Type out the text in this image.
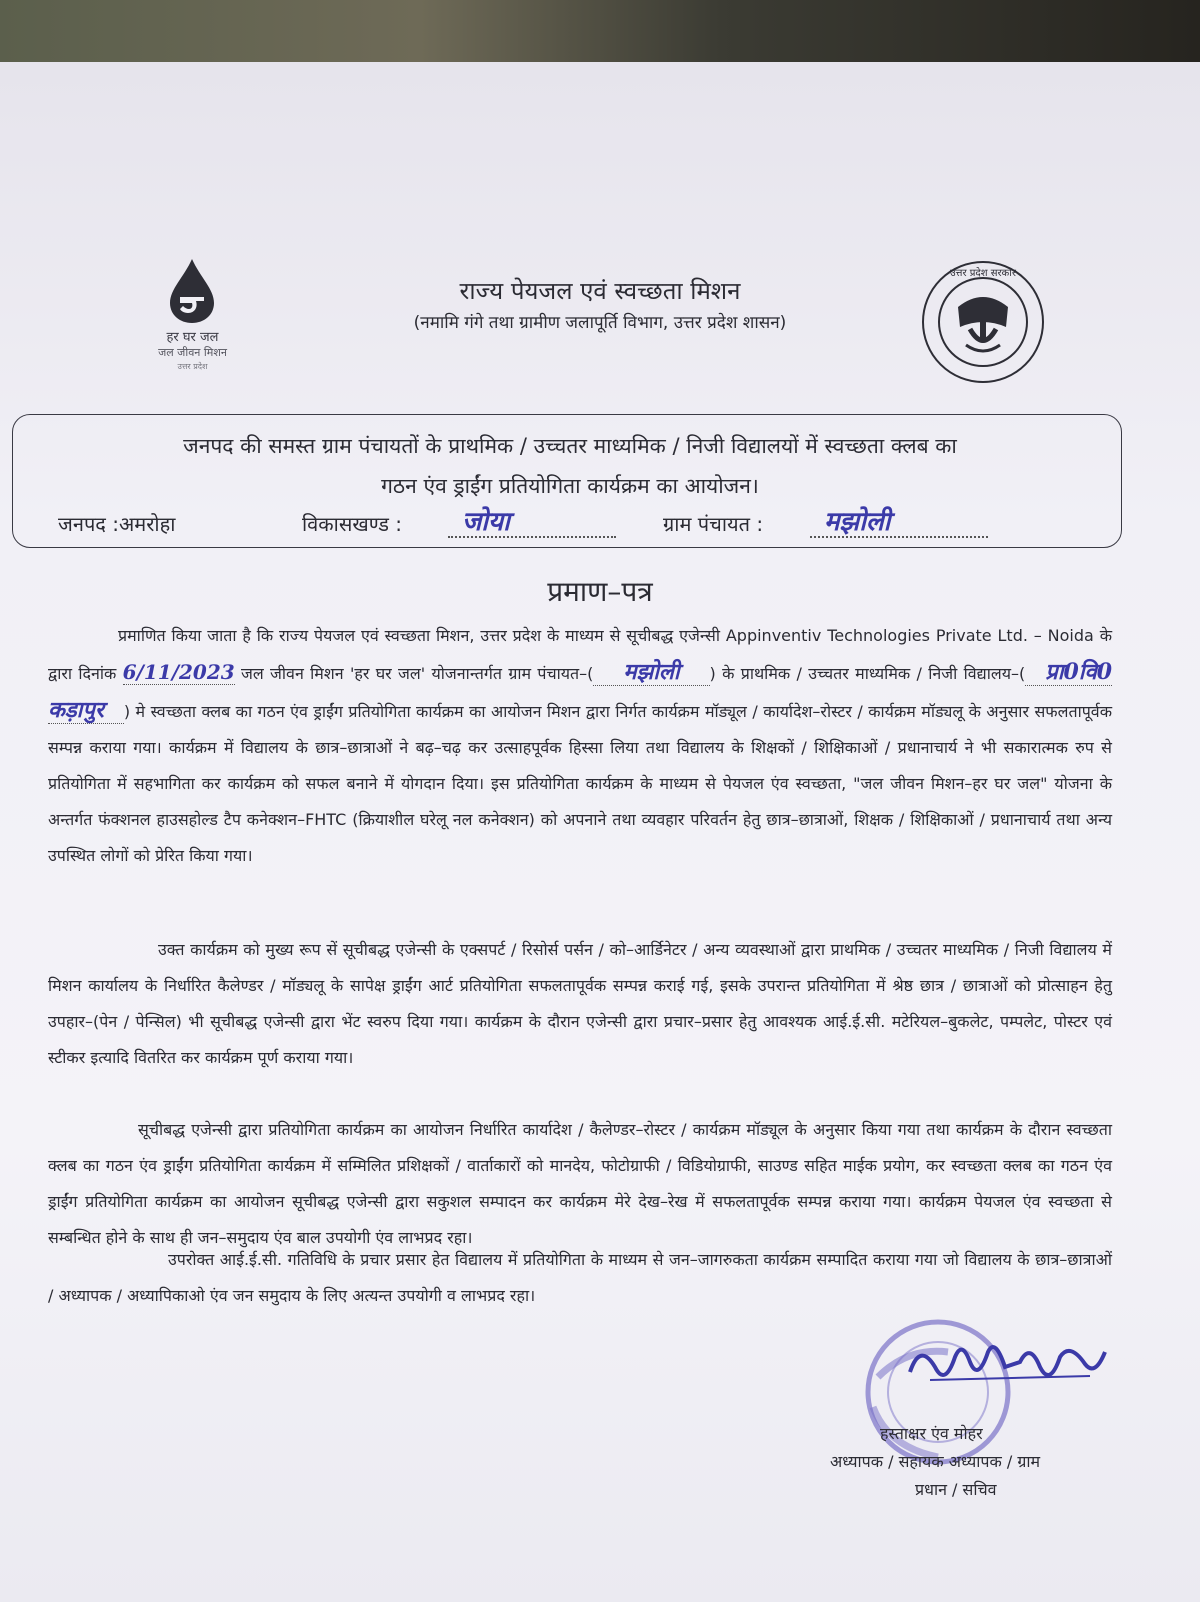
हर घर जल
जल जीवन मिशन
उत्तर प्रदेश
राज्य पेयजल एवं स्वच्छता मिशन
(नमामि गंगे तथा ग्रामीण जलापूर्ति विभाग, उत्तर प्रदेश शासन)
उत्तर प्रदेश सरकार
जनपद की समस्त ग्राम पंचायतों के प्राथमिक / उच्चतर माध्यमिक / निजी विद्यालयों में स्वच्छता क्लब का
गठन एंव ड्राईंग प्रतियोगिता कार्यक्रम का आयोजन।
जनपद :अमरोहा	विकासखण्ड :	जोया	ग्राम पंचायत :	मझोली
प्रमाण–पत्र
प्रमाणित किया जाता है कि राज्य पेयजल एवं स्वच्छता मिशन, उत्तर प्रदेश के माध्यम से सूचीबद्ध एजेन्सी Appinventiv Technologies Private Ltd. – Noida के द्वारा दिनांक 6/11/2023 जल जीवन मिशन 'हर घर जल' योजनान्तर्गत ग्राम पंचायत–( मझोली ) के प्राथमिक / उच्चतर माध्यमिक / निजी विद्यालय–( प्रा0वि0 कड़ापुर ) मे स्वच्छता क्लब का गठन एंव ड्राईंग प्रतियोगिता कार्यक्रम का आयोजन मिशन द्वारा निर्गत कार्यक्रम मॉड्यूल / कार्यादेश–रोस्टर / कार्यक्रम मॉड्यलू के अनुसार सफलतापूर्वक सम्पन्न कराया गया। कार्यक्रम में विद्यालय के छात्र–छात्राओं ने बढ़–चढ़ कर उत्साहपूर्वक हिस्सा लिया तथा विद्यालय के शिक्षकों / शिक्षिकाओं / प्रधानाचार्य ने भी सकारात्मक रुप से प्रतियोगिता में सहभागिता कर कार्यक्रम को सफल बनाने में योगदान दिया। इस प्रतियोगिता कार्यक्रम के माध्यम से पेयजल एंव स्वच्छता, "जल जीवन मिशन–हर घर जल" योजना के अन्तर्गत फंक्शनल हाउसहोल्ड टैप कनेक्शन–FHTC (क्रियाशील घरेलू नल कनेक्शन) को अपनाने तथा व्यवहार परिवर्तन हेतु छात्र–छात्राओं, शिक्षक / शिक्षिकाओं / प्रधानाचार्य तथा अन्य उपस्थित लोगों को प्रेरित किया गया।
उक्त कार्यक्रम को मुख्य रूप सें सूचीबद्ध एजेन्सी के एक्सपर्ट / रिसोर्स पर्सन / को–आर्डिनेटर / अन्य व्यवस्थाओं द्वारा प्राथमिक / उच्चतर माध्यमिक / निजी विद्यालय में मिशन कार्यालय के निर्धारित कैलेण्डर / मॉड्यलू के सापेक्ष ड्राईंग आर्ट प्रतियोगिता सफलतापूर्वक सम्पन्न कराई गई, इसके उपरान्त प्रतियोगिता में श्रेष्ठ छात्र / छात्राओं को प्रोत्साहन हेतु उपहार–(पेन / पेन्सिल) भी सूचीबद्ध एजेन्सी द्वारा भेंट स्वरुप दिया गया। कार्यक्रम के दौरान एजेन्सी द्वारा प्रचार–प्रसार हेतु आवश्यक आई.ई.सी. मटेरियल–बुकलेट, पम्पलेट, पोस्टर एवं स्टीकर इत्यादि वितरित कर कार्यक्रम पूर्ण कराया गया।
सूचीबद्ध एजेन्सी द्वारा प्रतियोगिता कार्यक्रम का आयोजन निर्धारित कार्यादेश / कैलेण्डर–रोस्टर / कार्यक्रम मॉड्यूल के अनुसार किया गया तथा कार्यक्रम के दौरान स्वच्छता क्लब का गठन एंव ड्राईंग प्रतियोगिता कार्यक्रम में सम्मिलित प्रशिक्षकों / वार्ताकारों को मानदेय, फोटोग्राफी / विडियोग्राफी, साउण्ड सहित माईक प्रयोग, कर स्वच्छता क्लब का गठन एंव ड्राईंग प्रतियोगिता कार्यक्रम का आयोजन सूचीबद्ध एजेन्सी द्वारा सकुशल सम्पादन कर कार्यक्रम मेरे देख–रेख में सफलतापूर्वक सम्पन्न कराया गया। कार्यक्रम पेयजल एंव स्वच्छता से सम्बन्धित होने के साथ ही जन–समुदाय एंव बाल उपयोगी एंव लाभप्रद रहा।
उपरोक्त आई.ई.सी. गतिविधि के प्रचार प्रसार हेत विद्यालय में प्रतियोगिता के माध्यम से जन–जागरुकता कार्यक्रम सम्पादित कराया गया जो विद्यालय के छात्र–छात्राओं / अध्यापक / अध्यापिकाओ एंव जन समुदाय के लिए अत्यन्त उपयोगी व लाभप्रद रहा।
हस्ताक्षर एंव मोहर
अध्यापक / सहायक अध्यापक / ग्राम
प्रधान / सचिव
